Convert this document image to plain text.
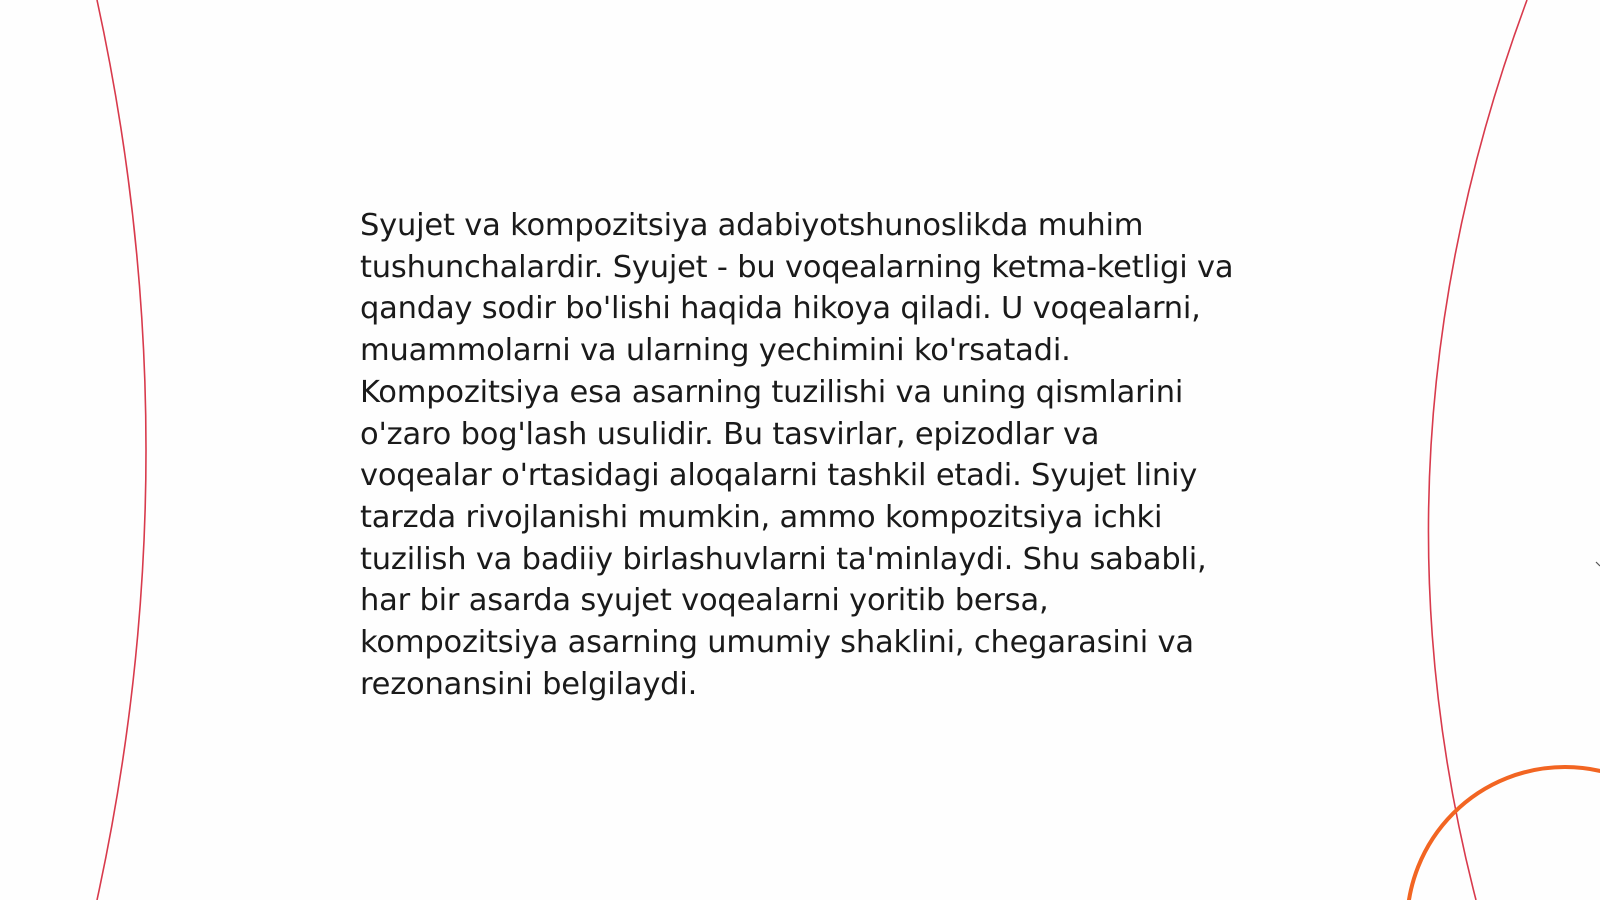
Syujet va kompozitsiya adabiyotshunoslikda muhim tushunchalardir. Syujet - bu voqealarning ketma-ketligi va qanday sodir bo'lishi haqida hikoya qiladi. U voqealarni, muammolarni va ularning yechimini ko'rsatadi. Kompozitsiya esa asarning tuzilishi va uning qismlarini o'zaro bog'lash usulidir. Bu tasvirlar, epizodlar va voqealar o'rtasidagi aloqalarni tashkil etadi. Syujet liniy tarzda rivojlanishi mumkin, ammo kompozitsiya ichki tuzilish va badiiy birlashuvlarni ta'minlaydi. Shu sababli, har bir asarda syujet voqealarni yoritib bersa, kompozitsiya asarning umumiy shaklini, chegarasini va rezonansini belgilaydi.
